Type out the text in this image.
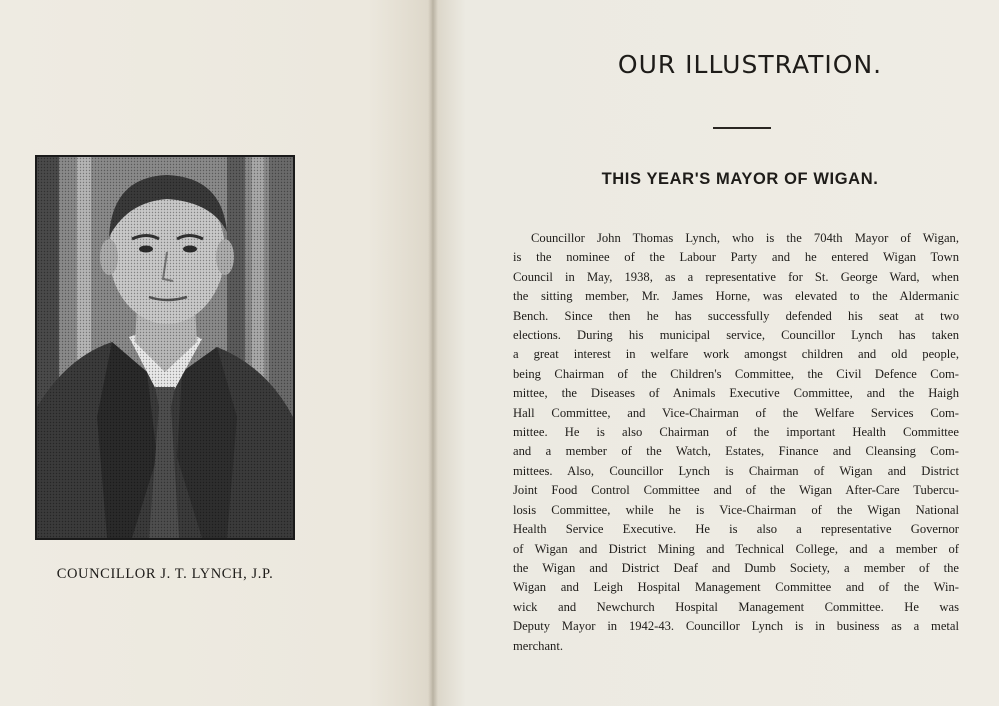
COUNCILLOR J. T. LYNCH, J.P.
OUR ILLUSTRATION.
THIS YEAR'S MAYOR OF WIGAN.

Councillor John Thomas Lynch, who is the 704th Mayor of Wigan,
is the nominee of the Labour Party and he entered Wigan Town
Council in May, 1938, as a representative for St. George Ward, when
the sitting member, Mr. James Horne, was elevated to the Aldermanic
Bench. Since then he has successfully defended his seat at two
elections. During his municipal service, Councillor Lynch has taken
a great interest in welfare work amongst children and old people,
being Chairman of the Children's Committee, the Civil Defence Com-
mittee, the Diseases of Animals Executive Committee, and the Haigh
Hall Committee, and Vice-Chairman of the Welfare Services Com-
mittee. He is also Chairman of the important Health Committee
and a member of the Watch, Estates, Finance and Cleansing Com-
mittees. Also, Councillor Lynch is Chairman of Wigan and District
Joint Food Control Committee and of the Wigan After-Care Tubercu-
losis Committee, while he is Vice-Chairman of the Wigan National
Health Service Executive. He is also a representative Governor
of Wigan and District Mining and Technical College, and a member of
the Wigan and District Deaf and Dumb Society, a member of the
Wigan and Leigh Hospital Management Committee and of the Win-
wick and Newchurch Hospital Management Committee. He was
Deputy Mayor in 1942-43. Councillor Lynch is in business as a metal
merchant.
